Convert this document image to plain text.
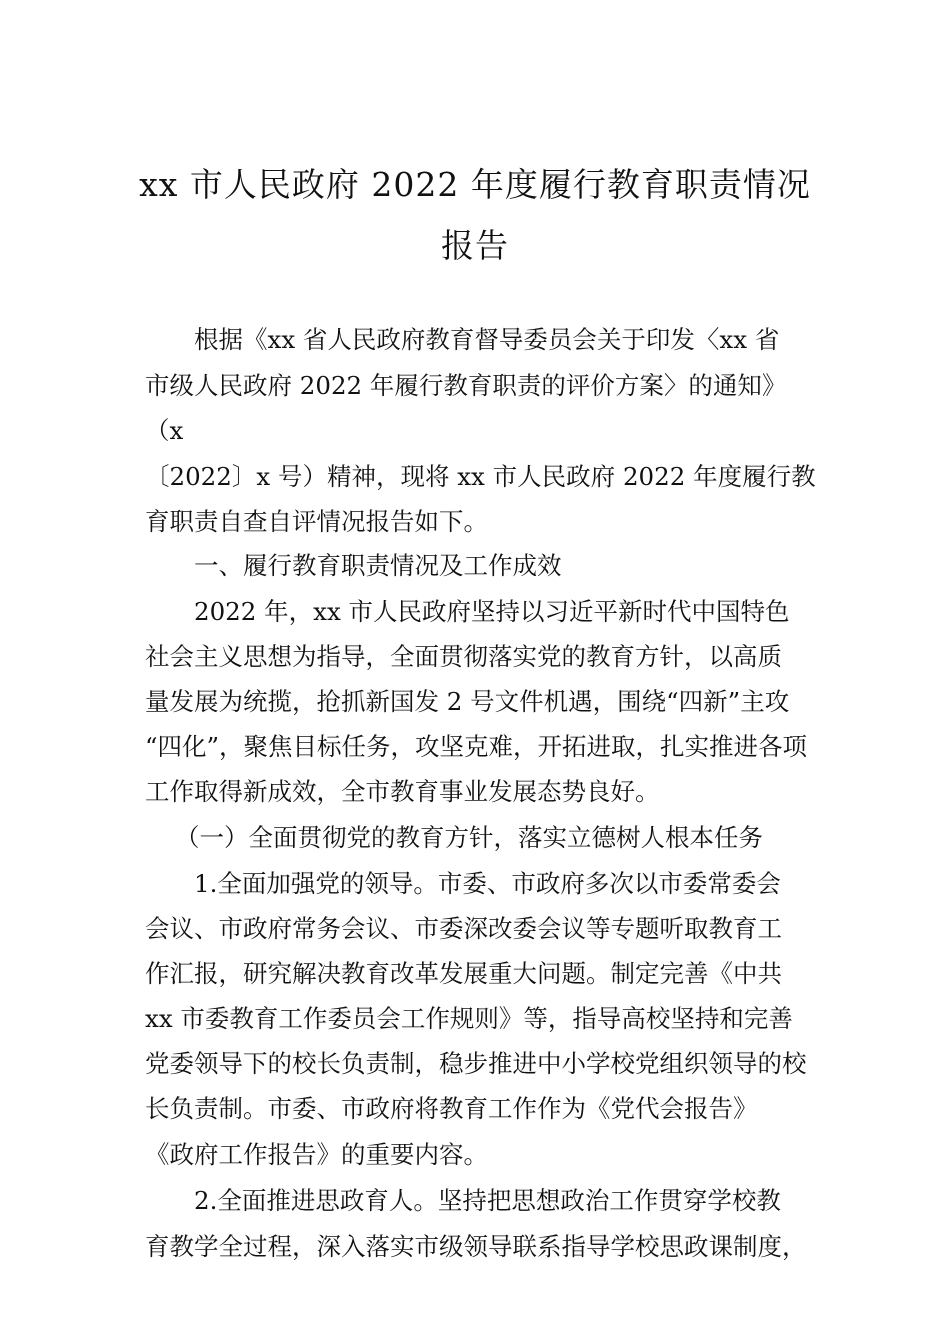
xx 市人民政府 2022 年度履行教育职责情况
报告
根据《xx 省人民政府教育督导委员会关于印发〈xx 省
市级人民政府 2022 年履行教育职责的评价方案〉的通知》
（x
〔2022〕x 号）精神，现将 xx 市人民政府 2022 年度履行教
育职责自查自评情况报告如下。
一、履行教育职责情况及工作成效
2022 年，xx 市人民政府坚持以习近平新时代中国特色
社会主义思想为指导，全面贯彻落实党的教育方针，以高质
量发展为统揽，抢抓新国发 2 号文件机遇，围绕“四新”主攻
“四化”，聚焦目标任务，攻坚克难，开拓进取，扎实推进各项
工作取得新成效，全市教育事业发展态势良好。
（一）全面贯彻党的教育方针，落实立德树人根本任务
1.全面加强党的领导。市委、市政府多次以市委常委会
会议、市政府常务会议、市委深改委会议等专题听取教育工
作汇报，研究解决教育改革发展重大问题。制定完善《中共
xx 市委教育工作委员会工作规则》等，指导高校坚持和完善
党委领导下的校长负责制，稳步推进中小学校党组织领导的校
长负责制。市委、市政府将教育工作作为《党代会报告》
《政府工作报告》的重要内容。
2.全面推进思政育人。坚持把思想政治工作贯穿学校教
育教学全过程，深入落实市级领导联系指导学校思政课制度，
